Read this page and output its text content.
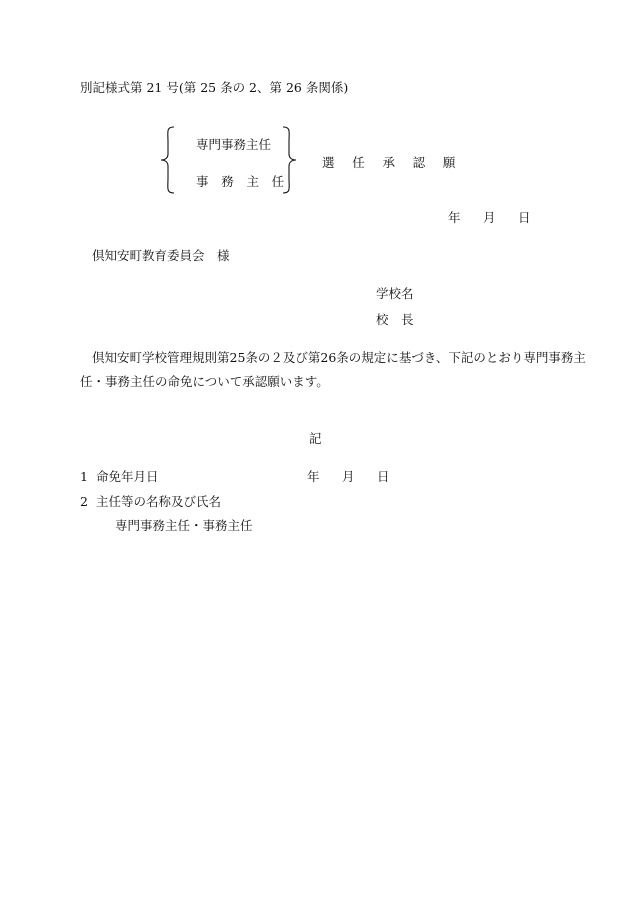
別記様式第 21 号(第 25 条の 2、第 26 条関係)
専門事務主任
事 務 主 任
選 任 承 認 願
年 月 日
倶知安町教育委員会　様
学校名
校　長
倶知安町学校管理規則第25条の２及び第26条の規定に基づき、下記のとおり専門事務主
任・事務主任の命免について承認願います。
記
1 命免年月日	年 月 日
2 主任等の名称及び氏名
専門事務主任・事務主任
